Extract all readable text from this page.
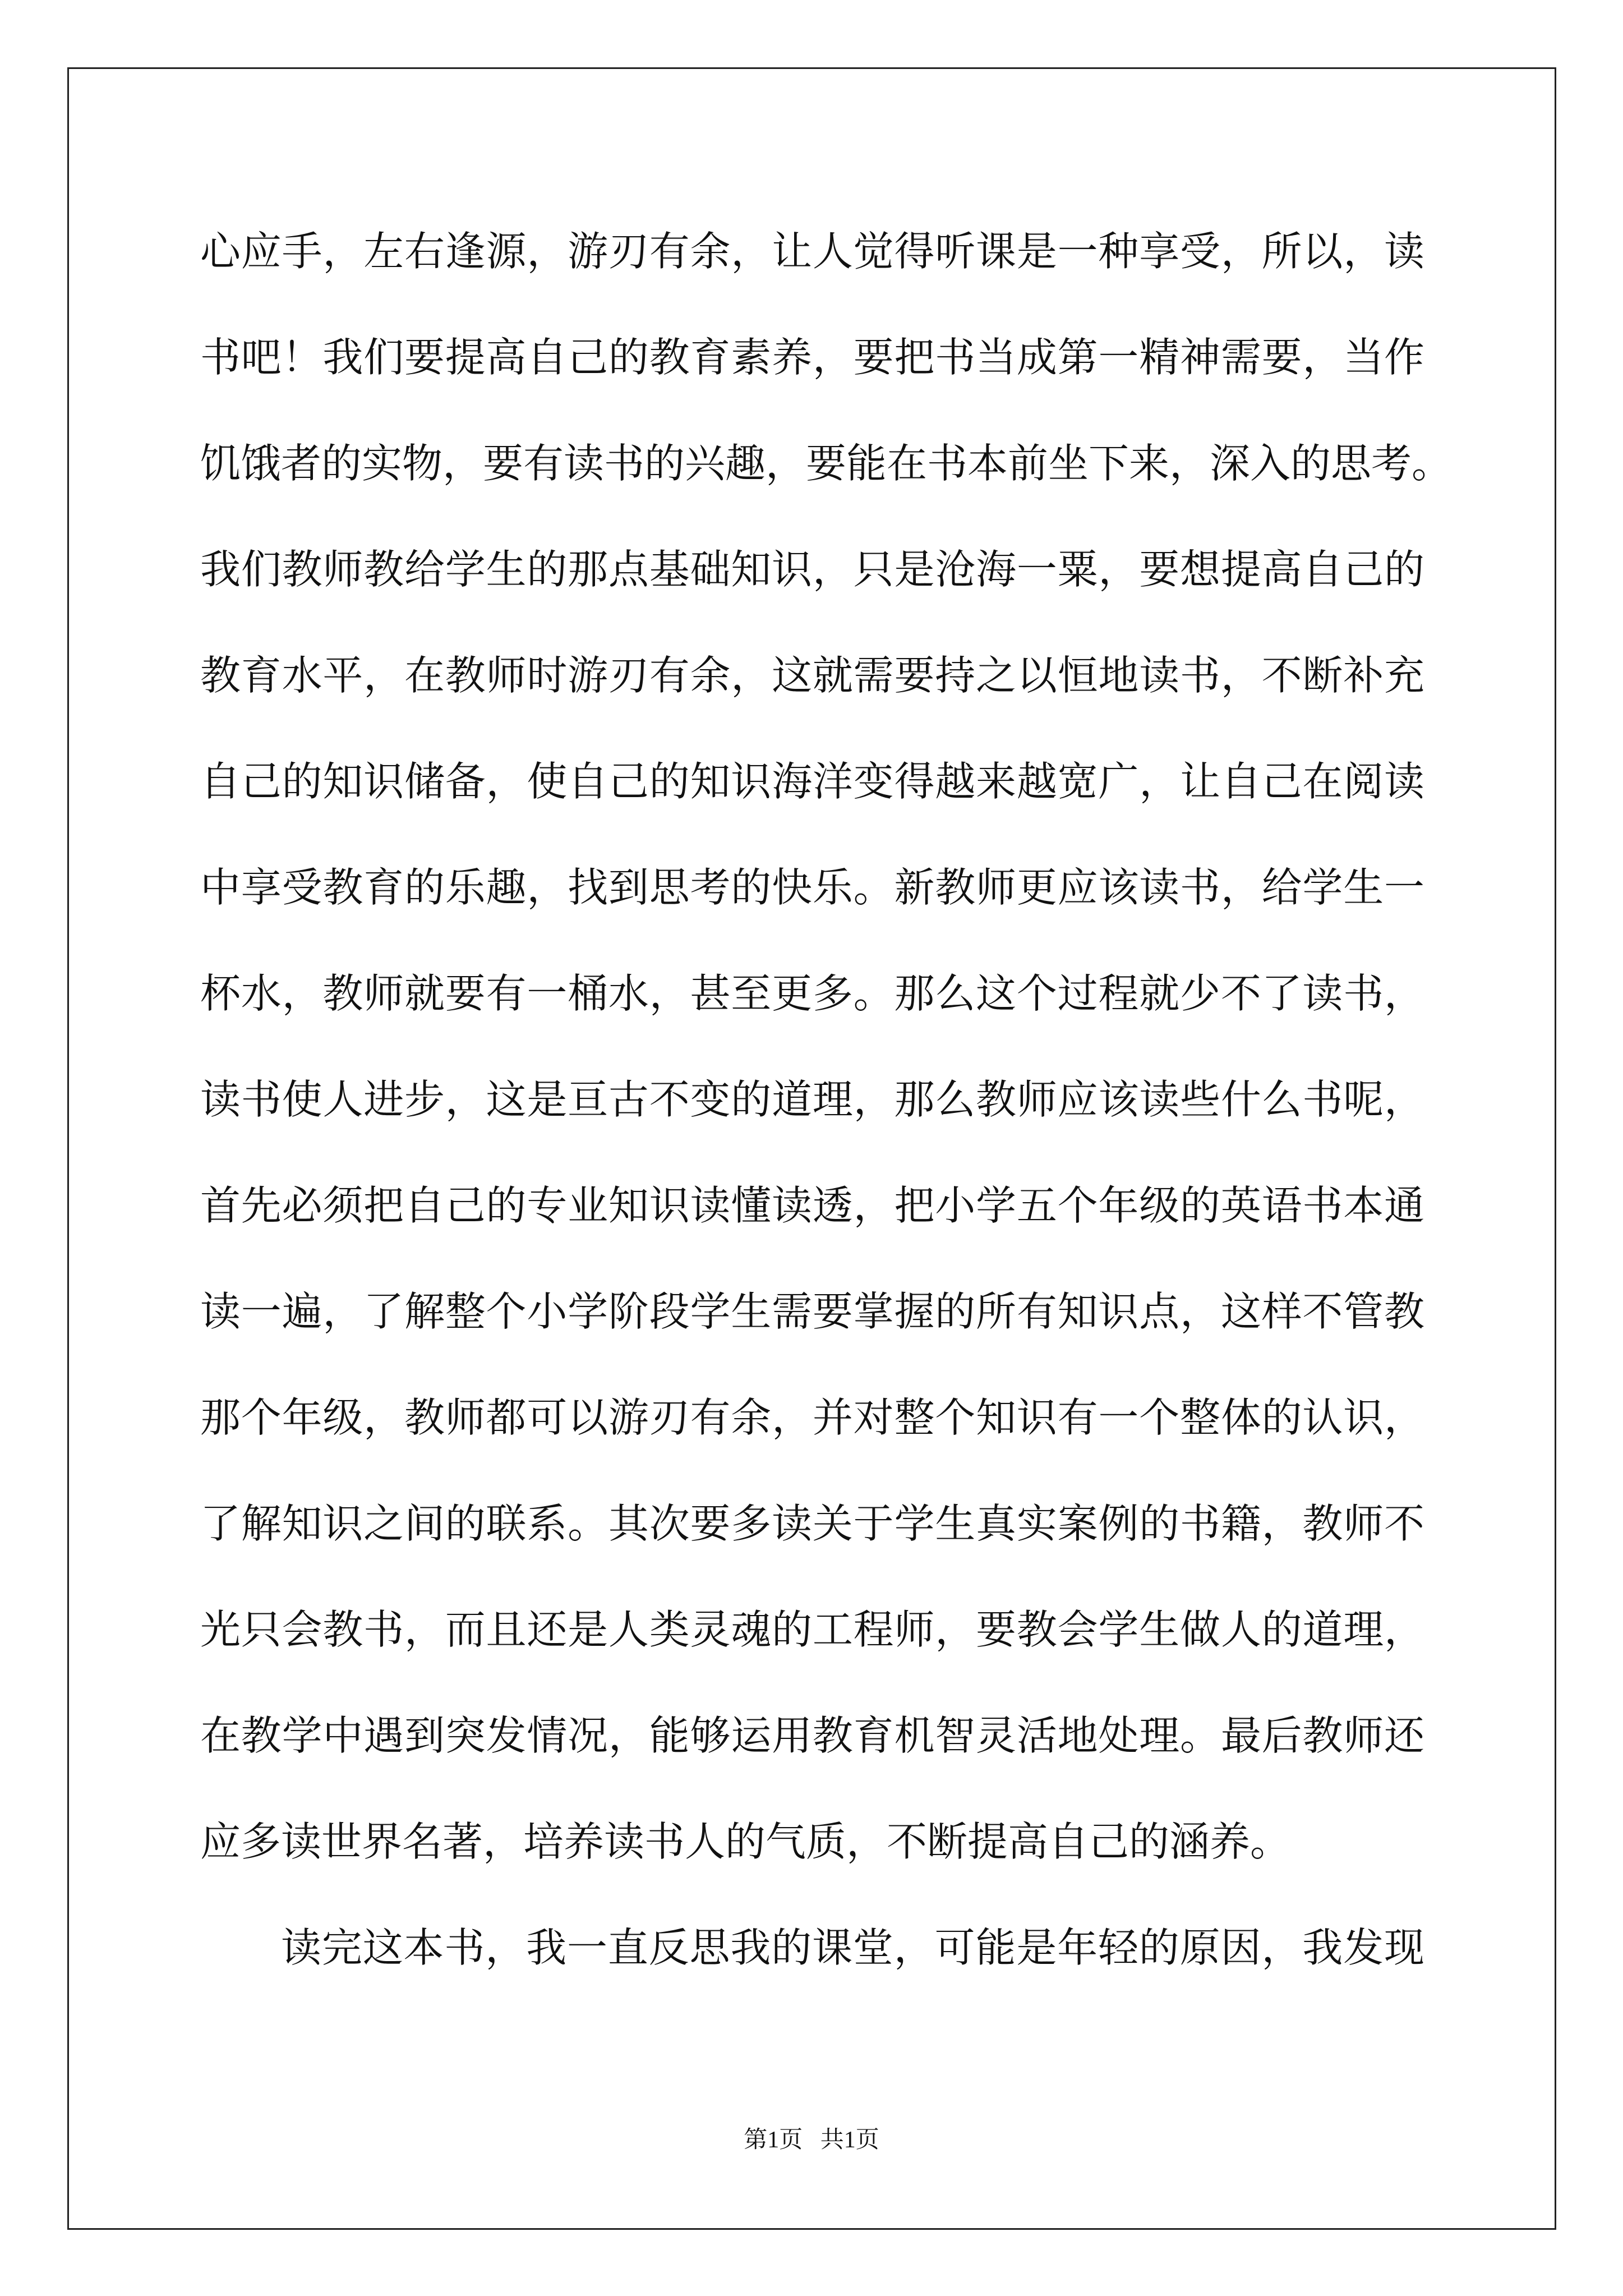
心应手，左右逢源，游刃有余，让人觉得听课是一种享受，所以，读
书吧！我们要提高自己的教育素养，要把书当成第一精神需要，当作
饥饿者的实物，要有读书的兴趣，要能在书本前坐下来，深入的思考。
我们教师教给学生的那点基础知识，只是沧海一粟，要想提高自己的
教育水平，在教师时游刃有余，这就需要持之以恒地读书，不断补充
自己的知识储备，使自己的知识海洋变得越来越宽广，让自己在阅读
中享受教育的乐趣，找到思考的快乐。新教师更应该读书，给学生一
杯水，教师就要有一桶水，甚至更多。那么这个过程就少不了读书，
读书使人进步，这是亘古不变的道理，那么教师应该读些什么书呢，
首先必须把自己的专业知识读懂读透，把小学五个年级的英语书本通
读一遍，了解整个小学阶段学生需要掌握的所有知识点，这样不管教
那个年级，教师都可以游刃有余，并对整个知识有一个整体的认识，
了解知识之间的联系。其次要多读关于学生真实案例的书籍，教师不
光只会教书，而且还是人类灵魂的工程师，要教会学生做人的道理，
在教学中遇到突发情况，能够运用教育机智灵活地处理。最后教师还
应多读世界名著，培养读书人的气质，不断提高自己的涵养。
读完这本书，我一直反思我的课堂，可能是年轻的原因，我发现
第1页 共1页
